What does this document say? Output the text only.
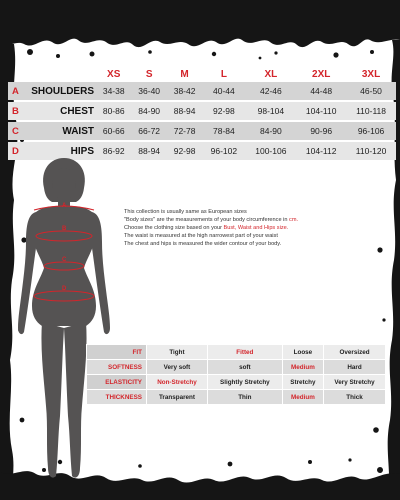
		XS	S	M	L	XL	2XL	3XL
A	SHOULDERS	34-38	36-40	38-42	40-44	42-46	44-48	46-50
B	CHEST	80-86	84-90	88-94	92-98	98-104	104-110	110-118
C	WAIST	60-66	66-72	72-78	78-84	84-90	90-96	96-106
D	HIPS	86-92	88-94	92-98	96-102	100-106	104-112	110-120
A
B
C
D

This collection is usually same as European sizes

"Body sizes" are the measurements of your body circumference in cm.

Choose the clothing size based on your Bust, Waist and Hips size.

The waist is measured at the high narrowest part of your waist

The chest and hips is measured the wider contour of your body.

FIT	Tight	Fitted	Loose	Oversized
SOFTNESS	Very soft	soft	Medium	Hard
ELASTICITY	Non-Stretchy	Slightly Stretchy	Stretchy	Very Stretchy
THICKNESS	Transparent	Thin	Medium	Thick
